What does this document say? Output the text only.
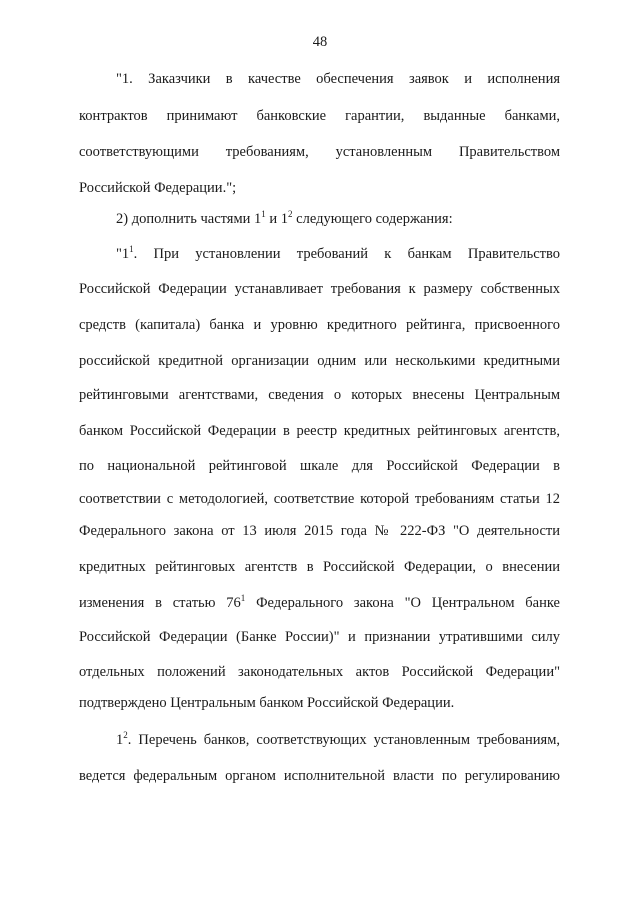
48
"1. Заказчики в качестве обеспечения заявок и исполнения
контрактов принимают банковские гарантии, выданные банками,
соответствующими требованиям, установленным Правительством
Российской Федерации.";
2) дополнить частями $1^1$ и $1^2$ следующего содержания:
"$1^1$. При установлении требований к банкам Правительство
Российской Федерации устанавливает требования к размеру собственных
средств (капитала) банка и уровню кредитного рейтинга, присвоенного
российской кредитной организации одним или несколькими кредитными
рейтинговыми агентствами, сведения о которых внесены Центральным
банком Российской Федерации в реестр кредитных рейтинговых агентств,
по национальной рейтинговой шкале для Российской Федерации в
соответствии с методологией, соответствие которой требованиям статьи 12
Федерального закона от 13 июля 2015 года № 222-ФЗ "О деятельности
кредитных рейтинговых агентств в Российской Федерации, о внесении
изменения в статью $76^1$ Федерального закона "О Центральном банке
Российской Федерации (Банке России)" и признании утратившими силу
отдельных положений законодательных актов Российской Федерации"
подтверждено Центральным банком Российской Федерации.
$1^2$. Перечень банков, соответствующих установленным требованиям,
ведется федеральным органом исполнительной власти по регулированию
